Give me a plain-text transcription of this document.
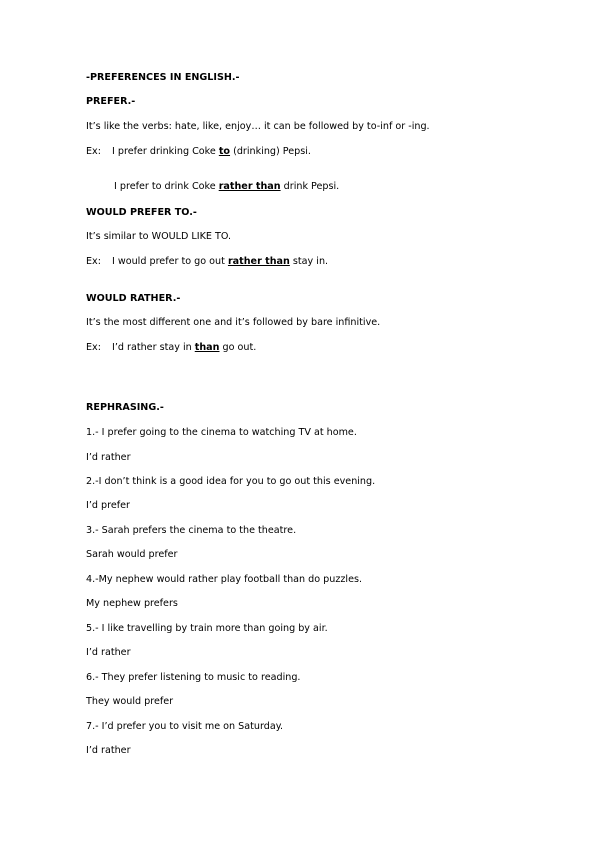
-PREFERENCES IN ENGLISH.-
PREFER.-
It’s like the verbs: hate, like, enjoy… it can be followed by to-inf or -ing.
Ex: I prefer drinking Coke to (drinking) Pepsi.
I prefer to drink Coke rather than drink Pepsi.
WOULD PREFER TO.-
It’s similar to WOULD LIKE TO.
Ex: I would prefer to go out rather than stay in.
WOULD RATHER.-
It’s the most different one and it’s followed by bare infinitive.
Ex: I’d rather stay in than go out.
REPHRASING.-
1.- I prefer going to the cinema to watching TV at home.
I’d rather
2.-I don’t think is a good idea for you to go out this evening.
I’d prefer
3.- Sarah prefers the cinema to the theatre.
Sarah would prefer
4.-My nephew would rather play football than do puzzles.
My nephew prefers
5.- I like travelling by train more than going by air.
I’d rather
6.- They prefer listening to music to reading.
They would prefer
7.- I’d prefer you to visit me on Saturday.
I’d rather
